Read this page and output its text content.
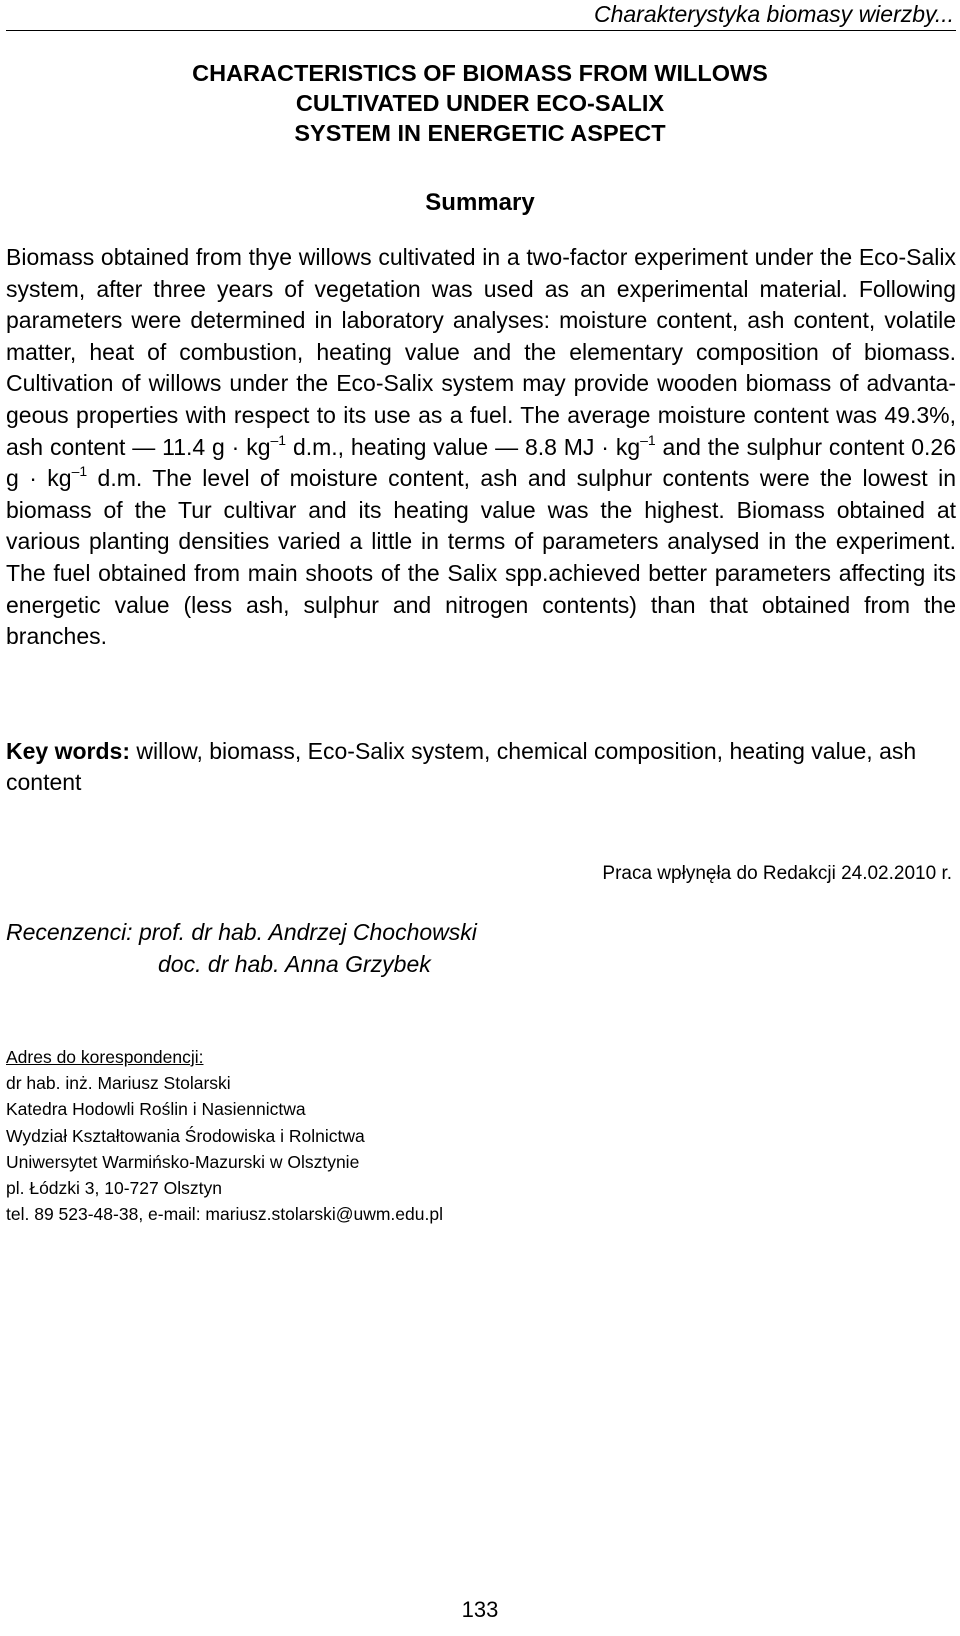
Charakterystyka biomasy wierzby...
CHARACTERISTICS OF BIOMASS FROM WILLOWS
CULTIVATED UNDER ECO-SALIX
SYSTEM IN ENERGETIC ASPECT
Summary

Biomass obtained from thye willows cultivated in a two-factor experiment under the Eco-Salix system, after three years of vegetation was used as an experimental material. Following parameters were determined in laboratory analyses: moisture content, ash content, volatile matter, heat of combustion, heating value and the elementary composition of biomass. Cultivation of willows under the Eco-Salix system may provide wooden biomass of advantageous properties with respect to its use as a fuel. The average moisture content was 49.3%, ash content — 11.4 $g \cdot kg^{-1}$ d.m., heating value — 8.8 MJ · $kg^{-1}$ and the sulphur content 0.26 $g \cdot kg^{-1}$ d.m. The level of moisture content, ash and sulphur contents were the lowest in biomass of the Tur cultivar and its heating value was the highest. Biomass obtained at various planting densities varied a little in terms of parameters analysed in the experiment. The fuel obtained from main shoots of the Salix spp.achieved better parameters affecting its energetic value (less ash, sulphur and nitrogen contents) than that obtained from the branches.

Key words: willow, biomass, Eco-Salix system, chemical composition, heating value, ash content

Praca wpłynęła do Redakcji 24.02.2010 r.
Recenzenci: prof. dr hab. Andrzej Chochowski
doc. dr hab. Anna Grzybek
Adres do korespondencji:
dr hab. inż. Mariusz Stolarski
Katedra Hodowli Roślin i Nasiennictwa
Wydział Kształtowania Środowiska i Rolnictwa
Uniwersytet Warmińsko-Mazurski w Olsztynie
pl. Łódzki 3, 10-727 Olsztyn
tel. 89 523-48-38, e-mail: mariusz.stolarski@uwm.edu.pl
133
